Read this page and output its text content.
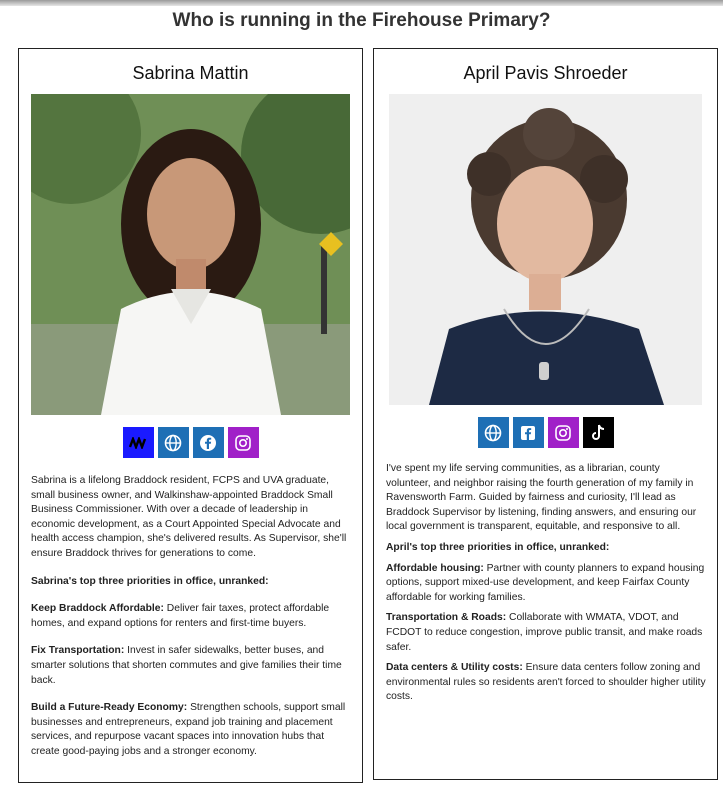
Who is running in the Firehouse Primary?
Sabrina Mattin

Sabrina is a lifelong Braddock resident, FCPS and UVA graduate, small business owner, and Walkinshaw-appointed Braddock Small Business Commissioner. With over a decade of leadership in economic development, as a Court Appointed Special Advocate and health access champion, she's delivered results. As Supervisor, she'll ensure Braddock thrives for generations to come.

Sabrina's top three priorities in office, unranked:

Keep Braddock Affordable: Deliver fair taxes, protect affordable homes, and expand options for renters and first-time buyers.

Fix Transportation: Invest in safer sidewalks, better buses, and smarter solutions that shorten commutes and give families their time back.

Build a Future-Ready Economy: Strengthen schools, support small businesses and entrepreneurs, expand job training and placement services, and repurpose vacant spaces into innovation hubs that create good-paying jobs and a stronger economy.

April Pavis Shroeder

I've spent my life serving communities, as a librarian, county volunteer, and neighbor raising the fourth generation of my family in Ravensworth Farm. Guided by fairness and curiosity, I'll lead as Braddock Supervisor by listening, finding answers, and ensuring our local government is transparent, equitable, and responsive to all.

April's top three priorities in office, unranked:

Affordable housing: Partner with county planners to expand housing options, support mixed-use development, and keep Fairfax County affordable for working families.

Transportation & Roads: Collaborate with WMATA, VDOT, and FCDOT to reduce congestion, improve public transit, and make roads safer.

Data centers & Utility costs: Ensure data centers follow zoning and environmental rules so residents aren't forced to shoulder higher utility costs.
